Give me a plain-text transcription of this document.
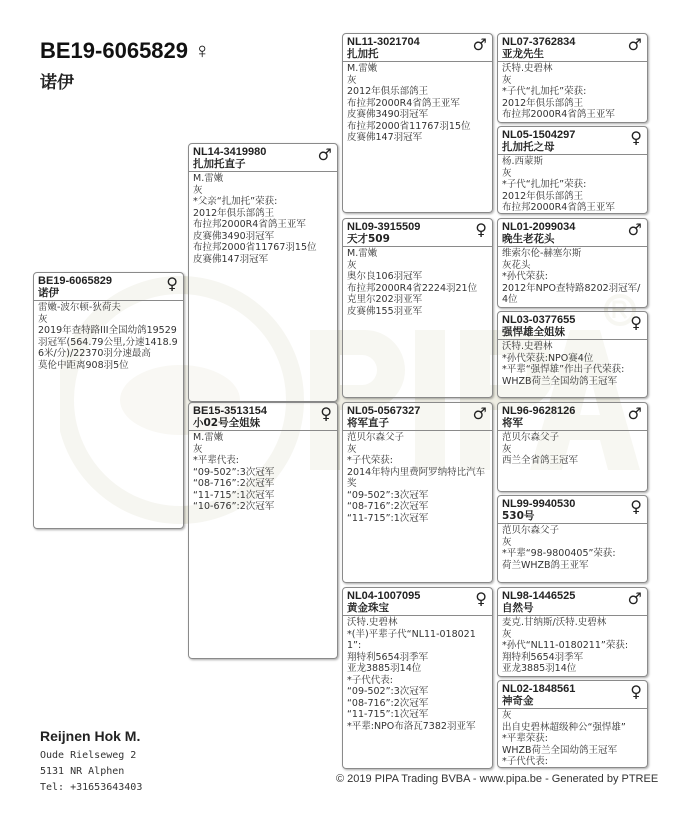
BE19-6065829 ♀
诺伊
BE19-6065829
诺伊	♀
雷嫩-波尔顿-狄荷夫
灰
2019年查特路III全国幼鸽19529羽冠军(564.79公里,分速1418.96米/分)/22370羽分速最高
莫伦中距离908羽5位
NL14-3419980
扎加托直子	♂
M.雷嫩
灰
*父亲“扎加托”荣获:
2012年俱乐部鸽王
布拉邦2000R4省鸽王亚军
皮赛佛3490羽冠军
布拉邦2000省11767羽15位
皮赛佛147羽冠军
BE15-3513154
小02号全姐妹	♀
M.雷嫩
灰
*平辈代表:
“09-502”:3次冠军
“08-716”:2次冠军
“11-715”:1次冠军
“10-676”:2次冠军
NL11-3021704
扎加托	♂
M.雷嫩
灰
2012年俱乐部鸽王
布拉邦2000R4省鸽王亚军
皮赛佛3490羽冠军
布拉邦2000省11767羽15位
皮赛佛147羽冠军
NL09-3915509
天才509	♀
M.雷嫩
灰
奥尔良106羽冠军
布拉邦2000R4省2224羽21位
克里尔202羽亚军
皮赛佛155羽亚军
NL05-0567327
将军直子	♂
范贝尔森父子
灰
*子代荣获:
2014年特内里费阿罗纳特比汽车奖
“09-502”:3次冠军
“08-716”:2次冠军
“11-715”:1次冠军
NL04-1007095
黄金珠宝	♀
沃特.史碧林
*(半)平辈子代“NL11-0180211”:
翔特利5654羽季军
亚龙3885羽14位
*子代代表:
“09-502”:3次冠军
“08-716”:2次冠军
“11-715”:1次冠军
*平辈:NPO布洛瓦7382羽亚军
NL07-3762834
亚龙先生	♂
沃特.史碧林
灰
*子代“扎加托”荣获:
2012年俱乐部鸽王
布拉邦2000R4省鸽王亚军
NL05-1504297
扎加托之母	♀
杨.西蒙斯
灰
*子代“扎加托”荣获:
2012年俱乐部鸽王
布拉邦2000R4省鸽王亚军
NL01-2099034
晚生老花头	♂
维索尔伦-赫塞尔斯
灰花头
*孙代荣获:
2012年NPO查特路8202羽冠军/4位
NL03-0377655
强悍雄全姐妹	♀
沃特.史碧林
*孙代荣获:NPO赛4位
*平辈“强悍雄”作出子代荣获:
WHZB荷兰全国幼鸽王冠军
NL96-9628126
将军	♂
范贝尔森父子
灰
西兰全省鸽王冠军
NL99-9940530
530号	♀
范贝尔森父子
灰
*平辈“98-9800405”荣获:
荷兰WHZB鸽王亚军
NL98-1446525
自然号	♂
麦克.甘纳斯/沃特.史碧林
灰
*孙代“NL11-0180211”荣获:
翔特利5654羽季军
亚龙3885羽14位
NL02-1848561
神奇金	♀
灰
出自史碧林超级种公“强悍雄”
*平辈荣获:
WHZB荷兰全国幼鸽王冠军
*子代代表:
Reijnen Hok M.
Oude Rielseweg 2
5131 NR Alphen
Tel: +31653643403
© 2019 PIPA Trading BVBA - www.pipa.be - Generated by PTREE
